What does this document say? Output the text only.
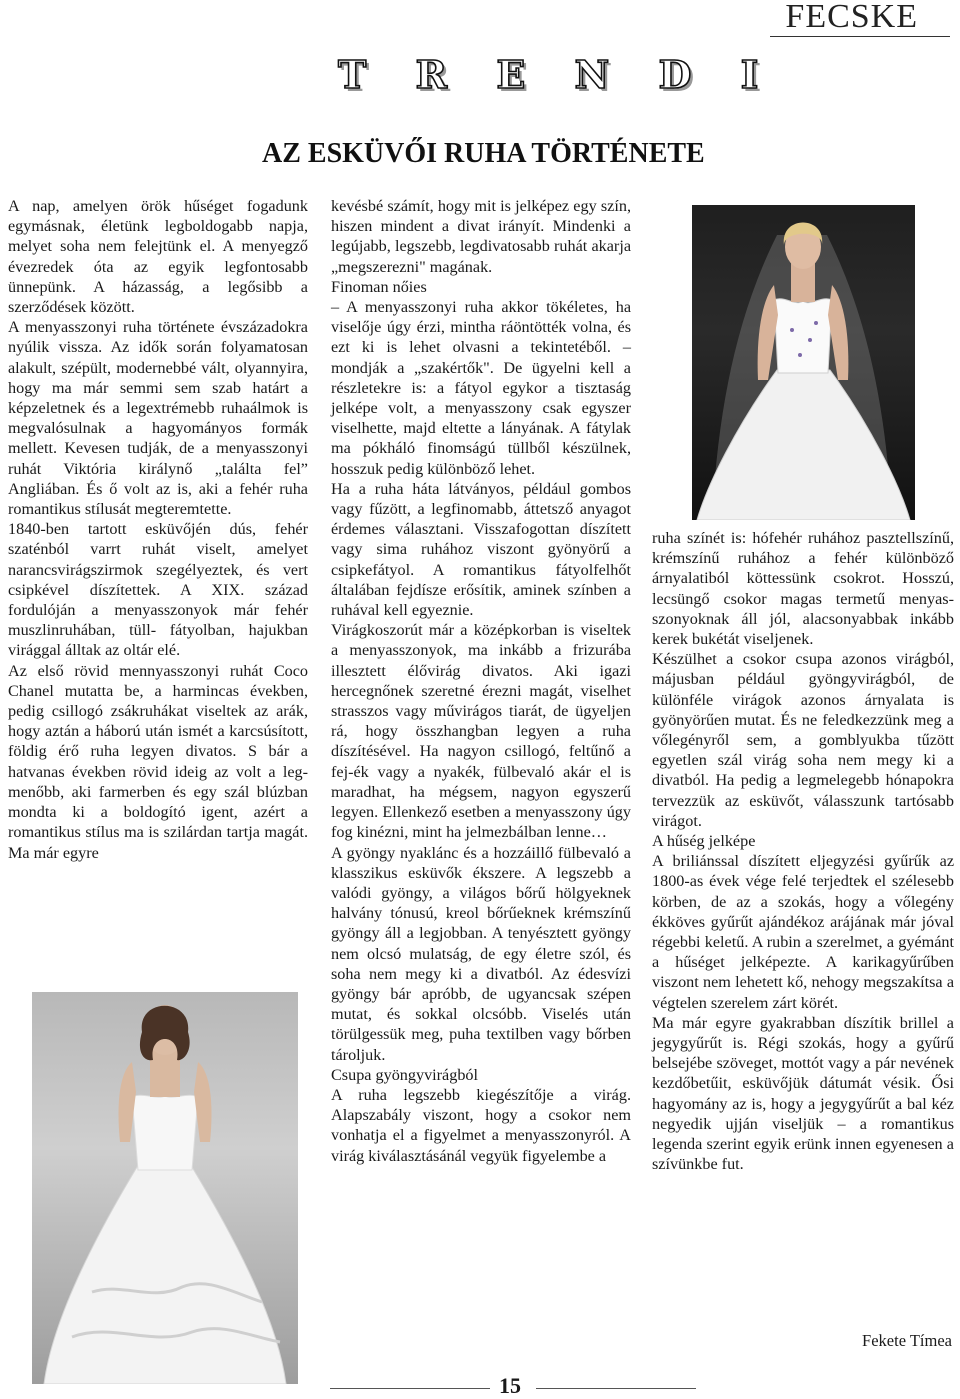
FECSKE
T R E N D I
AZ ESKÜVŐI RUHA TÖRTÉNETE

A nap, amelyen örök hűséget fogadunk egymásnak, életünk legboldogabb napja, melyet soha nem felejtünk el. A menyegző évezredek óta az egyik legfontosabb ünnepünk. A házasság, a legősibb a szerződések között.

A menyasszonyi ruha története évszázadokra nyúlik vissza. Az idők során folyamatosan alakult, szépült, modernebbé vált, olyannyira, hogy ma már semmi sem szab határt a képzeletnek és a legextrémebb ruhaálmok is megvalósulnak a hagyományos formák mellett. Kevesen tudják, de a menyasszonyi ruhát Viktória királynő „találta fel” Angliában. És ő volt az is, aki a fehér ruha romantikus stílusát megteremtette.

1840-ben tartott esküvőjén dús, fehér szaténból varrt ruhát viselt, amelyet narancsvirágszirmok szegélyeztek, és vert csipkével díszítettek. A XIX. század fordulóján a menyasszonyok már fehér muszlinruhában, tüll- fátyolban, hajukban virággal álltak az oltár elé.

Az első rövid mennyasszonyi ruhát Coco Chanel mutatta be, a harmincas években, pedig csillogó zsákruhákat viseltek az arák, hogy aztán a háború után ismét a karcsúsított, földig érő ruha legyen divatos. S bár a hatvanas években rövid ideig az volt a legmenőbb, aki farmerben és egy szál blúzban mondta ki a boldogító igent, azért a romantikus stílus ma is szilárdan tartja magát. Ma már egyre

kevésbé számít, hogy mit is jelképez egy szín, hiszen mindent a divat irányít. Mindenki a legújabb, legszebb, legdivatosabb ruhát akarja „megszerezni" magának.

Finoman nőies

– A menyasszonyi ruha akkor tökéletes, ha viselője úgy érzi, mintha ráöntötték volna, és ezt ki is lehet olvasni a tekintetéből. – mondják a „szakértők". De ügyelni kell a részletekre is: a fátyol egykor a tisztaság jelképe volt, a menyasszony csak egyszer viselhette, majd eltette a lányának. A fátylak ma pókháló finomságú tüllből készülnek, hosszuk pedig különböző lehet.

Ha a ruha háta látványos, például gombos vagy fűzött, a legfinomabb, áttetsző anyagot érdemes választani. Visszafogottan díszített vagy sima ruhához viszont gyönyörű a csipkefátyol. A romantikus fátyolfelhőt általában fejdísze erősítik, aminek színben a ruhával kell egyeznie.

Virágkoszorút már a középkorban is viseltek a menyasszonyok, ma inkább a frizurába illesztett élővirág divatos. Aki igazi hercegnőnek szeretné érezni magát, viselhet strasszos vagy művirágos tiarát, de ügyeljen rá, hogy összhangban legyen a ruha díszítésével. Ha nagyon csillogó, feltűnő a fej-ék vagy a nyakék, fülbevaló akár el is maradhat, ha mégsem, nagyon egyszerű legyen. Ellenkező esetben a menyasszony úgy fog kinézni, mint ha jelmezbálban lenne…

A gyöngy nyaklánc és a hozzáillő fülbevaló a klasszikus esküvők ékszere. A legszebb a valódi gyöngy, a világos bőrű hölgyeknek halvány tónusú, kreol bőrűeknek krémszínű gyöngy áll a legjobban. A tenyésztett gyöngy nem olcsó mulatság, de egy életre szól, és soha nem megy ki a divatból. Az édesvízi gyöngy bár apróbb, de ugyancsak szépen mutat, és sokkal olcsóbb. Viselés után törülgessük meg, puha textilben vagy bőrben tároljuk.

Csupa gyöngyvirágból

A ruha legszebb kiegészítője a virág. Alapszabály viszont, hogy a csokor nem vonhatja el a figyelmet a menyasszonyról. A virág kiválasztásánál vegyük figyelembe a

ruha színét is: hófehér ruhához pasztellszínű, krémszínű ruhához a fehér különböző árnyalatiból köttessünk csokrot. Hosszú, lecsüngő csokor magas termetű menyasszonyoknak áll jól, alacsonyabbak inkább kerek bukétát viseljenek.

Készülhet a csokor csupa azonos virágból, májusban például gyöngyvirágból, de különféle virágok azonos árnyalata is gyönyörűen mutat. És ne feledkezzünk meg a vőlegényről sem, a gomblyukba tűzött egyetlen szál virág soha nem megy ki a divatból. Ha pedig a legmelegebb hónapokra tervezzük az esküvőt, válasszunk tartósabb virágot.

A hűség jelképe

A briliánssal díszített eljegyzési gyűrűk az 1800-as évek vége felé terjedtek el szélesebb körben, de az a szokás, hogy a vőlegény ékköves gyűrűt ajándékoz arájának már jóval régebbi keletű. A rubin a szerelmet, a gyémánt a hűséget jelképezte. A karikagyűrűben viszont nem lehetett kő, nehogy megszakítsa a végtelen szerelem zárt körét.

Ma már egyre gyakrabban díszítik brillel a jegygyűrűt is. Régi szokás, hogy a gyűrű belsejébe szöveget, mottót vagy a pár nevének kezdőbetűit, esküvőjük dátumát vésik. Ősi hagyomány az is, hogy a jegygyűrűt a bal kéz negyedik ujján viseljük – a romantikus legenda szerint egyik erünk innen egyenesen a szívünkbe fut.

Fekete Tímea
15
